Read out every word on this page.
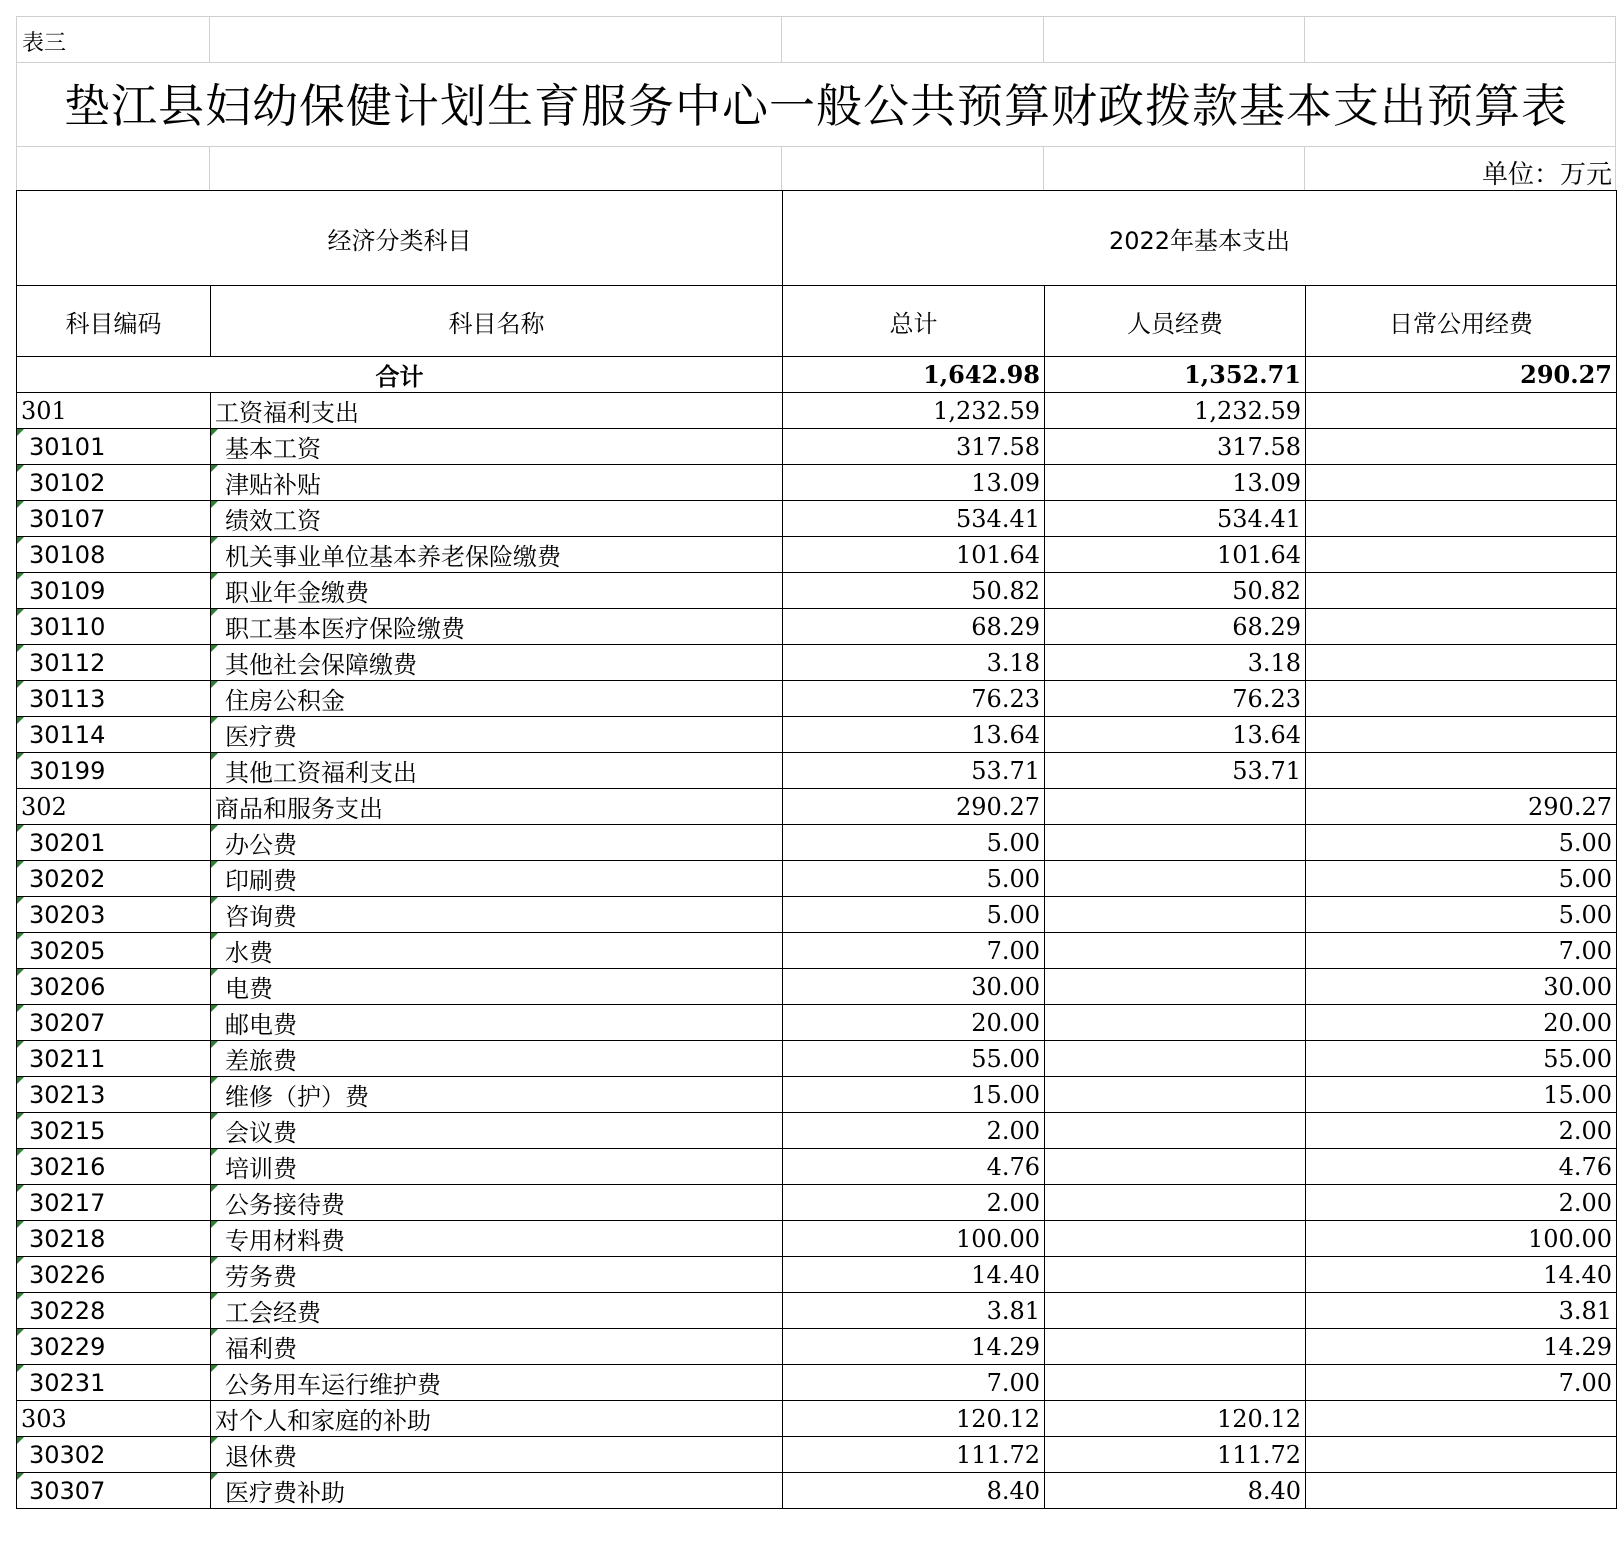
表三
垫江县妇幼保健计划生育服务中心一般公共预算财政拨款基本支出预算表
单位：万元
经济分类科目		2022年基本支出		
科目编码	科目名称	总计	人员经费	日常公用经费
合计		1,642.98	1,352.71	290.27
301	工资福利支出	1,232.59	1,232.59	
30101	基本工资	317.58	317.58	
30102	津贴补贴	13.09	13.09	
30107	绩效工资	534.41	534.41	
30108	机关事业单位基本养老保险缴费	101.64	101.64	
30109	职业年金缴费	50.82	50.82	
30110	职工基本医疗保险缴费	68.29	68.29	
30112	其他社会保障缴费	3.18	3.18	
30113	住房公积金	76.23	76.23	
30114	医疗费	13.64	13.64	
30199	其他工资福利支出	53.71	53.71	
302	商品和服务支出	290.27		290.27
30201	办公费	5.00		5.00
30202	印刷费	5.00		5.00
30203	咨询费	5.00		5.00
30205	水费	7.00		7.00
30206	电费	30.00		30.00
30207	邮电费	20.00		20.00
30211	差旅费	55.00		55.00
30213	维修（护）费	15.00		15.00
30215	会议费	2.00		2.00
30216	培训费	4.76		4.76
30217	公务接待费	2.00		2.00
30218	专用材料费	100.00		100.00
30226	劳务费	14.40		14.40
30228	工会经费	3.81		3.81
30229	福利费	14.29		14.29
30231	公务用车运行维护费	7.00		7.00
303	对个人和家庭的补助	120.12	120.12	
30302	退休费	111.72	111.72	
30307	医疗费补助	8.40	8.40	
